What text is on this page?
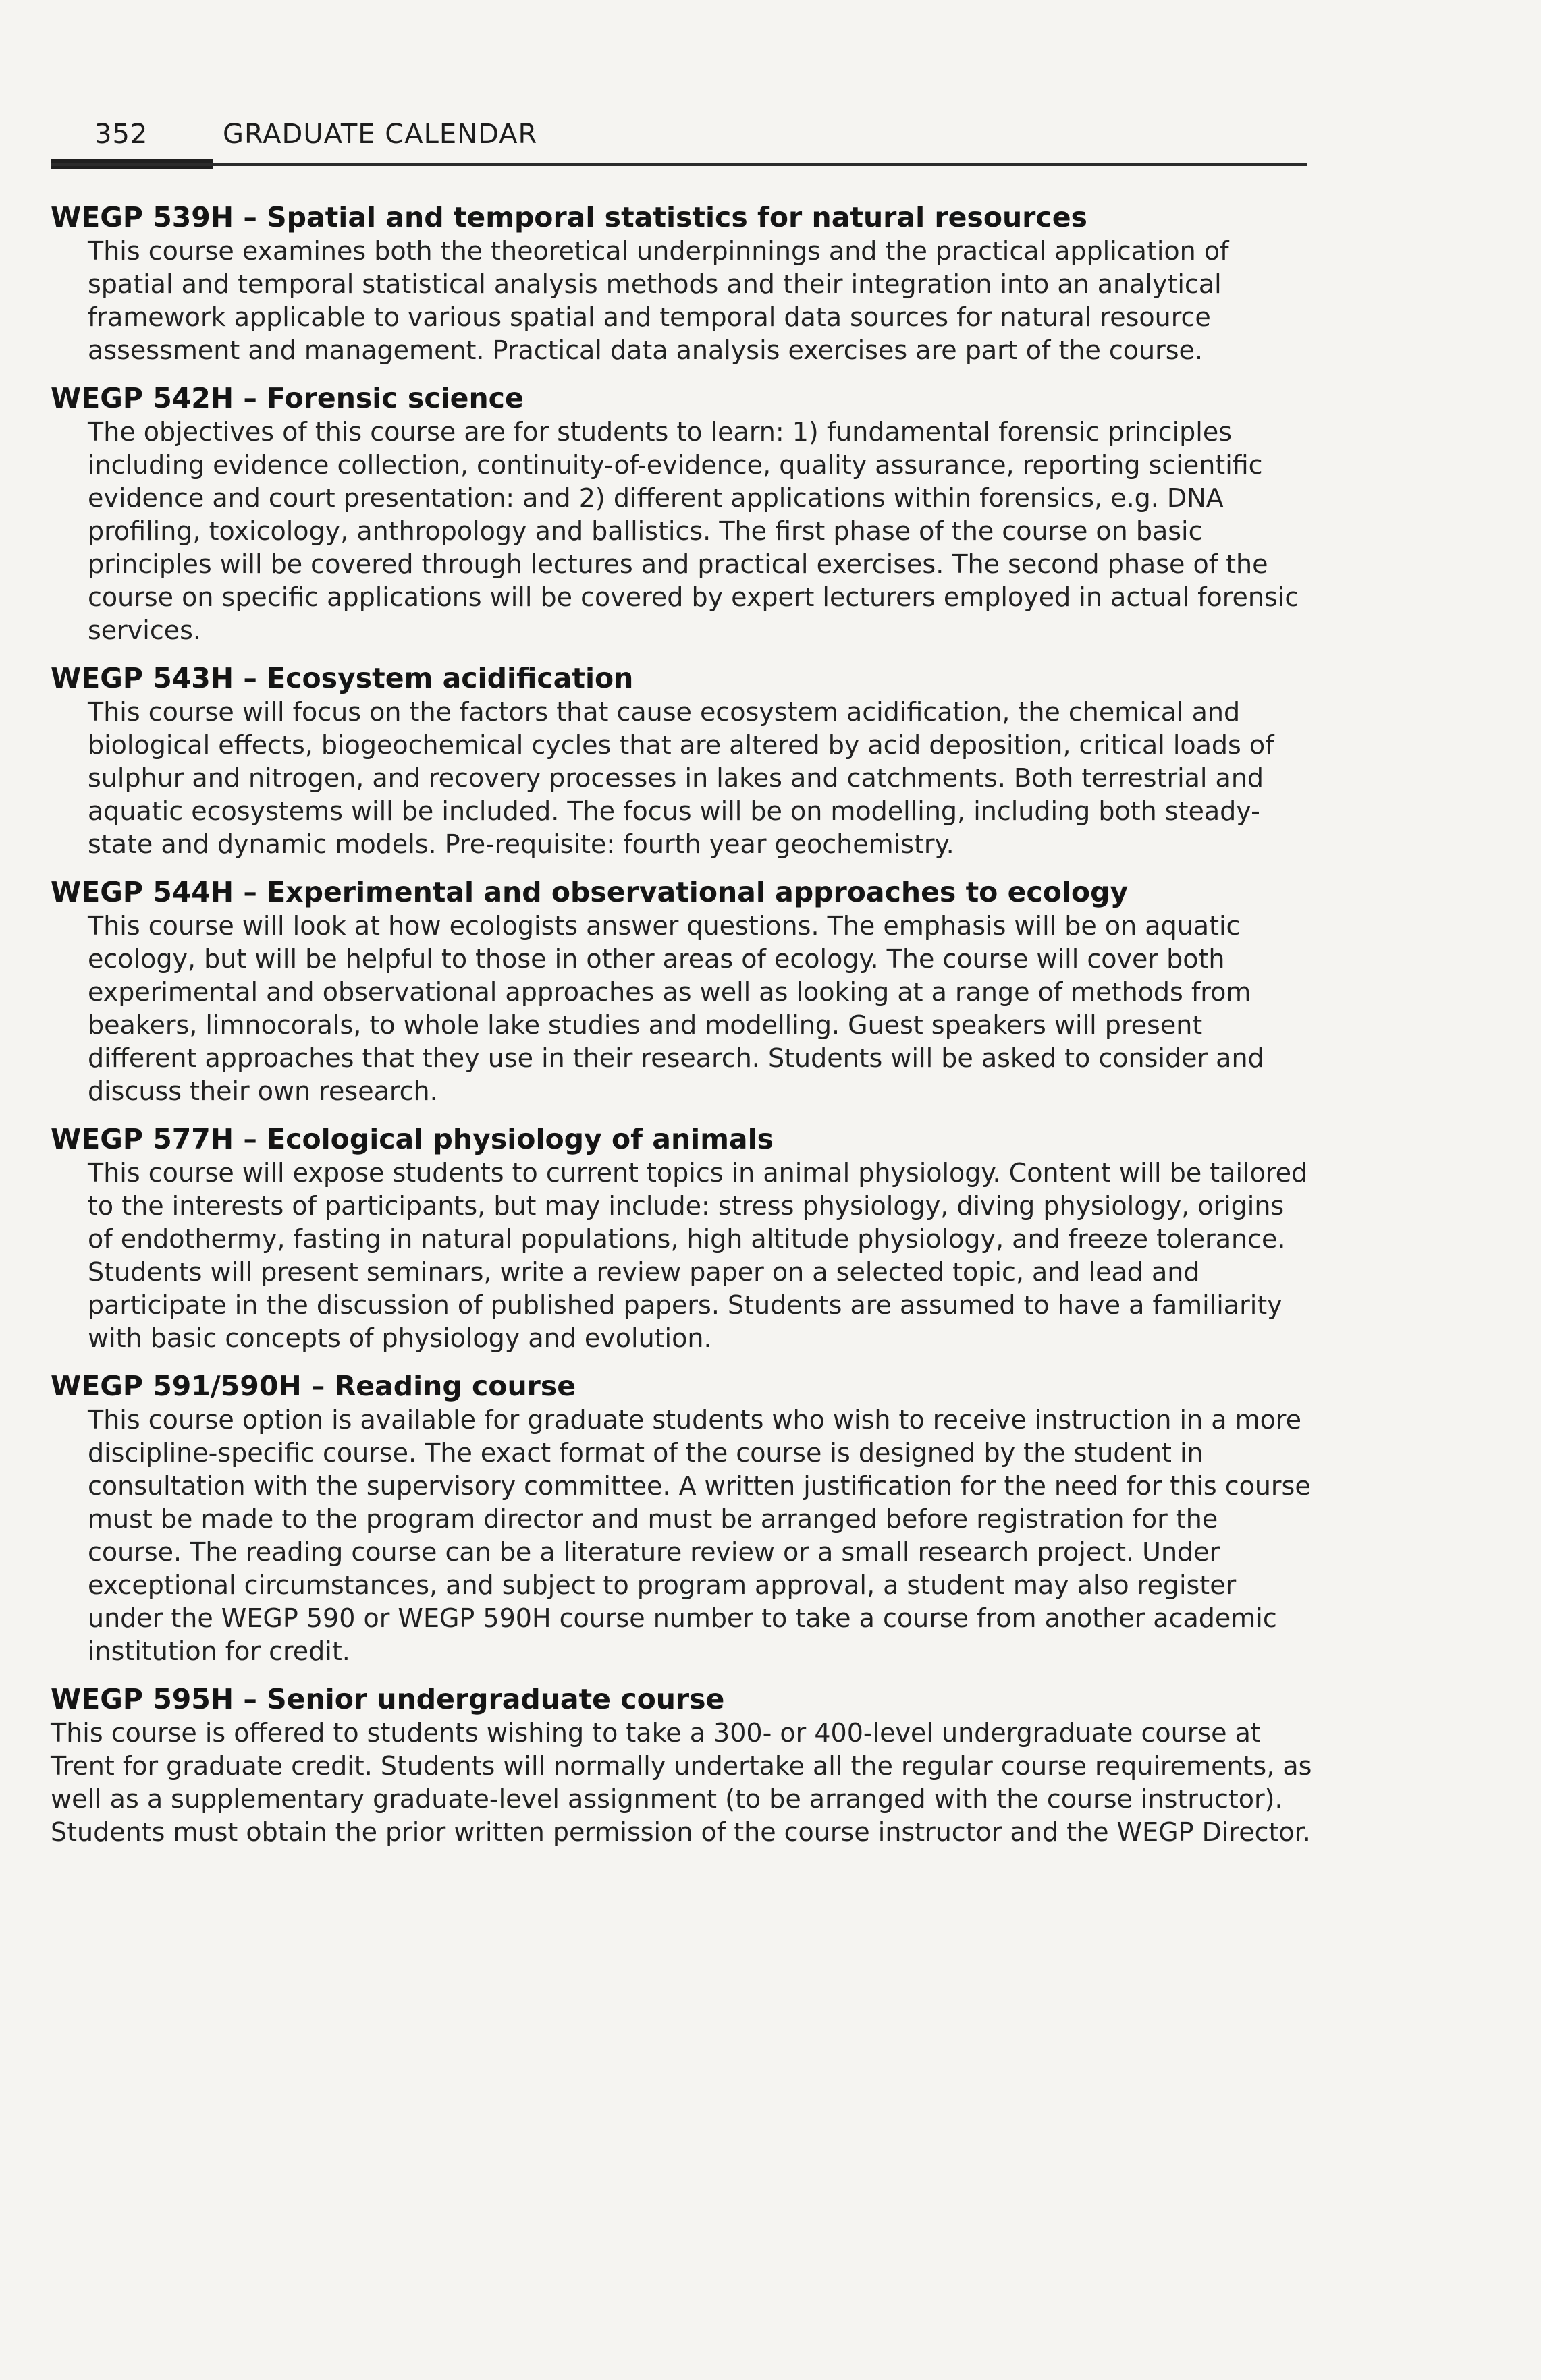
352	GRADUATE CALENDAR

WEGP 539H – Spatial and temporal statistics for natural resources

This course examines both the theoretical underpinnings and the practical application of spatial and temporal statistical analysis methods and their integration into an analytical framework applicable to various spatial and temporal data sources for natural resource assessment and management. Practical data analysis exercises are part of the course.

WEGP 542H – Forensic science

The objectives of this course are for students to learn: 1) fundamental forensic principles including evidence collection, continuity-of-evidence, quality assurance, reporting scientific evidence and court presentation: and 2) different applications within forensics, e.g. DNA profiling, toxicology, anthropology and ballistics. The first phase of the course on basic principles will be covered through lectures and practical exercises. The second phase of the course on specific applications will be covered by expert lecturers employed in actual forensic services.

WEGP 543H – Ecosystem acidification

This course will focus on the factors that cause ecosystem acidification, the chemical and biological effects, biogeochemical cycles that are altered by acid deposition, critical loads of sulphur and nitrogen, and recovery processes in lakes and catchments. Both terrestrial and aquatic ecosystems will be included. The focus will be on modelling, including both steady-state and dynamic models. Pre-requisite: fourth year geochemistry.

WEGP 544H – Experimental and observational approaches to ecology

This course will look at how ecologists answer questions. The emphasis will be on aquatic ecology, but will be helpful to those in other areas of ecology. The course will cover both experimental and observational approaches as well as looking at a range of methods from beakers, limnocorals, to whole lake studies and modelling. Guest speakers will present different approaches that they use in their research. Students will be asked to consider and discuss their own research.

WEGP 577H – Ecological physiology of animals

This course will expose students to current topics in animal physiology. Content will be tailored to the interests of participants, but may include: stress physiology, diving physiology, origins of endothermy, fasting in natural populations, high altitude physiology, and freeze tolerance. Students will present seminars, write a review paper on a selected topic, and lead and participate in the discussion of published papers. Students are assumed to have a familiarity with basic concepts of physiology and evolution.

WEGP 591/590H – Reading course

This course option is available for graduate students who wish to receive instruction in a more discipline-specific course. The exact format of the course is designed by the student in consultation with the supervisory committee. A written justification for the need for this course must be made to the program director and must be arranged before registration for the course. The reading course can be a literature review or a small research project. Under exceptional circumstances, and subject to program approval, a student may also register under the WEGP 590 or WEGP 590H course number to take a course from another academic institution for credit.

WEGP 595H – Senior undergraduate course

This course is offered to students wishing to take a 300- or 400-level undergraduate course at Trent for graduate credit. Students will normally undertake all the regular course requirements, as well as a supplementary graduate-level assignment (to be arranged with the course instructor). Students must obtain the prior written permission of the course instructor and the WEGP Director.
